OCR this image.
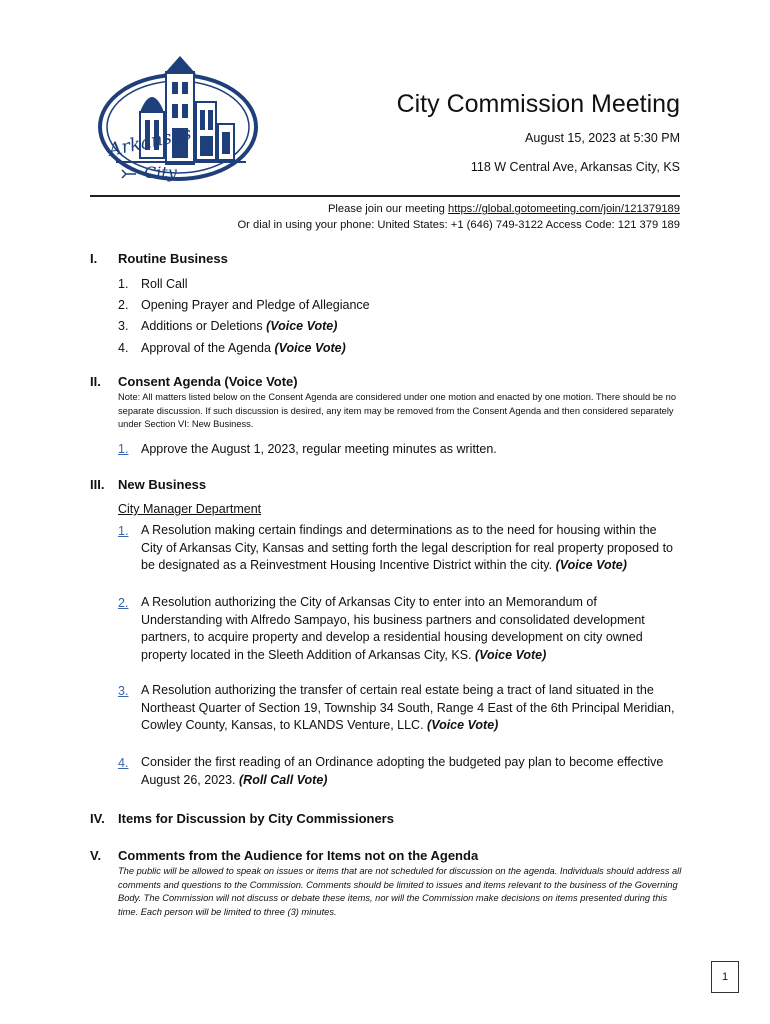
Arkansas
City
City Commission Meeting
August 15, 2023 at 5:30 PM
118 W Central Ave, Arkansas City, KS
Please join our meeting https://global.gotomeeting.com/join/121379189
Or dial in using your phone: United States: +1 (646) 749-3122 Access Code: 121 379 189
I. Routine Business
1. Roll Call
2. Opening Prayer and Pledge of Allegiance
3. Additions or Deletions (Voice Vote)
4. Approval of the Agenda (Voice Vote)
II. Consent Agenda (Voice Vote)
Note: All matters listed below on the Consent Agenda are considered under one motion and enacted by one motion. There should be no separate discussion. If such discussion is desired, any item may be removed from the Consent Agenda and then considered separately under Section VI: New Business.
1. Approve the August 1, 2023, regular meeting minutes as written.
III. New Business
City Manager Department
1. A Resolution making certain findings and determinations as to the need for housing within the City of Arkansas City, Kansas and setting forth the legal description for real property proposed to be designated as a Reinvestment Housing Incentive District within the city. (Voice Vote)
2. A Resolution authorizing the City of Arkansas City to enter into an Memorandum of Understanding with Alfredo Sampayo, his business partners and consolidated development partners, to acquire property and develop a residential housing development on city owned property located in the Sleeth Addition of Arkansas City, KS. (Voice Vote)
3. A Resolution authorizing the transfer of certain real estate being a tract of land situated in the Northeast Quarter of Section 19, Township 34 South, Range 4 East of the 6th Principal Meridian, Cowley County, Kansas, to KLANDS Venture, LLC. (Voice Vote)
4. Consider the first reading of an Ordinance adopting the budgeted pay plan to become effective August 26, 2023. (Roll Call Vote)
IV. Items for Discussion by City Commissioners
V. Comments from the Audience for Items not on the Agenda
The public will be allowed to speak on issues or items that are not scheduled for discussion on the agenda. Individuals should address all comments and questions to the Commission. Comments should be limited to issues and items relevant to the business of the Governing Body. The Commission will not discuss or debate these items, nor will the Commission make decisions on items presented during this time. Each person will be limited to three (3) minutes.
1
